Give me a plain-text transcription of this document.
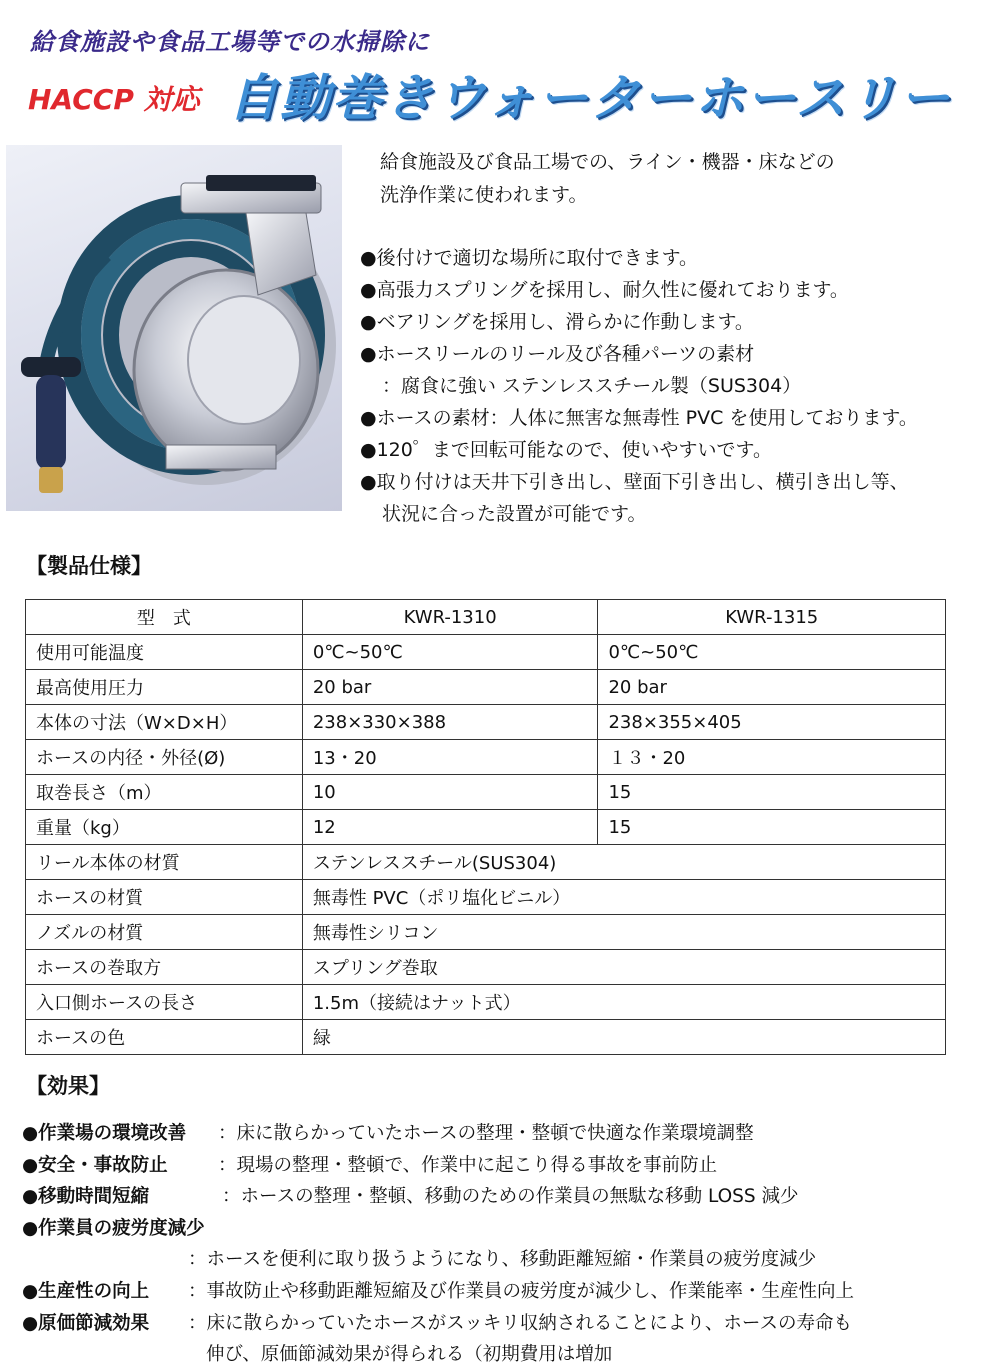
給食施設や食品工場等での水掃除に
HACCP 対応 自動巻きウォーターホースリー
給食施設及び食品工場での、ライン・機器・床などの
洗浄作業に使われます。
●後付けで適切な場所に取付できます。
●高張力スプリングを採用し、耐久性に優れております。
●ベアリングを採用し、滑らかに作動します。
●ホースリールのリール及び各種パーツの素材
：腐食に強い ステンレススチール製（SUS304）
●ホースの素材：人体に無害な無毒性 PVC を使用しております。
●120゜まで回転可能なので、使いやすいです。
●取り付けは天井下引き出し、壁面下引き出し、横引き出し等、
状況に合った設置が可能です。
【製品仕様】
型　式	KWR-1310	KWR-1315
使用可能温度	0℃~50℃	0℃~50℃
最高使用圧力	20 bar	20 bar
本体の寸法（W×D×H）	238×330×388	238×355×405
ホースの内径・外径(Ø)	13・20	１３・20
取巻長さ（m）	10	15
重量（kg）	12	15
リール本体の材質	ステンレススチール(SUS304)	
ホースの材質	無毒性 PVC（ポリ塩化ビニル）	
ノズルの材質	無毒性シリコン	
ホースの巻取方	スプリング巻取	
入口側ホースの長さ	1.5m（接続はナット式）	
ホースの色	緑	
【効果】
●作業場の環境改善 ：床に散らかっていたホースの整理・整頓で快適な作業環境調整
●安全・事故防止	：現場の整理・整頓で、作業中に起こり得る事故を事前防止
●移動時間短縮	：ホースの整理・整頓、移動のための作業員の無駄な移動 LOSS 減少
●作業員の疲労度減少
：ホースを便利に取り扱うようになり、移動距離短縮・作業員の疲労度減少
●生産性の向上 ：事故防止や移動距離短縮及び作業員の疲労度が減少し、作業能率・生産性向上
●原価節減効果 ：床に散らかっていたホースがスッキリ収納されることにより、ホースの寿命も
伸び、原価節減効果が得られる（初期費用は増加
